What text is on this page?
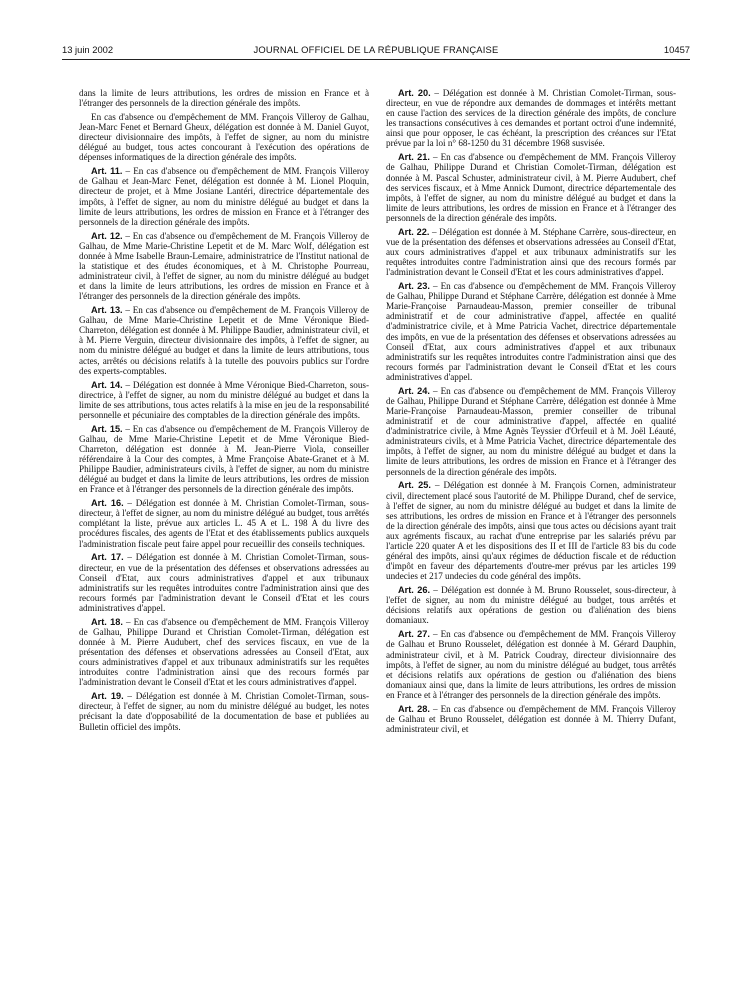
13 juin 2002	JOURNAL OFFICIEL DE LA RÉPUBLIQUE FRANÇAISE	10457

dans la limite de leurs attributions, les ordres de mission en France et à l'étranger des personnels de la direction générale des impôts.

En cas d'absence ou d'empêchement de MM. François Villeroy de Galhau, Jean-Marc Fenet et Bernard Gheux, délégation est donnée à M. Daniel Guyot, directeur divisionnaire des impôts, à l'effet de signer, au nom du ministre délégué au budget, tous actes concourant à l'exécution des opérations de dépenses informatiques de la direction générale des impôts.

Art. 11. – En cas d'absence ou d'empêchement de MM. François Villeroy de Galhau et Jean-Marc Fenet, délégation est donnée à M. Lionel Ploquin, directeur de projet, et à Mme Josiane Lantéri, directrice départementale des impôts, à l'effet de signer, au nom du ministre délégué au budget et dans la limite de leurs attributions, les ordres de mission en France et à l'étranger des personnels de la direction générale des impôts.

Art. 12. – En cas d'absence ou d'empêchement de M. François Villeroy de Galhau, de Mme Marie-Christine Lepetit et de M. Marc Wolf, délégation est donnée à Mme Isabelle Braun-Lemaire, administratrice de l'Institut national de la statistique et des études économiques, et à M. Christophe Pourreau, administrateur civil, à l'effet de signer, au nom du ministre délégué au budget et dans la limite de leurs attributions, les ordres de mission en France et à l'étranger des personnels de la direction générale des impôts.

Art. 13. – En cas d'absence ou d'empêchement de M. François Villeroy de Galhau, de Mme Marie-Christine Lepetit et de Mme Véronique Bied-Charreton, délégation est donnée à M. Philippe Baudier, administrateur civil, et à M. Pierre Verguin, directeur divisionnaire des impôts, à l'effet de signer, au nom du ministre délégué au budget et dans la limite de leurs attributions, tous actes, arrêtés ou décisions relatifs à la tutelle des pouvoirs publics sur l'ordre des experts-comptables.

Art. 14. – Délégation est donnée à Mme Véronique Bied-Charreton, sous-directrice, à l'effet de signer, au nom du ministre délégué au budget et dans la limite de ses attributions, tous actes relatifs à la mise en jeu de la responsabilité personnelle et pécuniaire des comptables de la direction générale des impôts.

Art. 15. – En cas d'absence ou d'empêchement de M. François Villeroy de Galhau, de Mme Marie-Christine Lepetit et de Mme Véronique Bied-Charreton, délégation est donnée à M. Jean-Pierre Viola, conseiller référendaire à la Cour des comptes, à Mme Françoise Abate-Granet et à M. Philippe Baudier, administrateurs civils, à l'effet de signer, au nom du ministre délégué au budget et dans la limite de leurs attributions, les ordres de mission en France et à l'étranger des personnels de la direction générale des impôts.

Art. 16. – Délégation est donnée à M. Christian Comolet-Tirman, sous-directeur, à l'effet de signer, au nom du ministre délégué au budget, tous arrêtés complétant la liste, prévue aux articles L. 45 A et L. 198 A du livre des procédures fiscales, des agents de l'Etat et des établissements publics auxquels l'administration fiscale peut faire appel pour recueillir des conseils techniques.

Art. 17. – Délégation est donnée à M. Christian Comolet-Tirman, sous-directeur, en vue de la présentation des défenses et observations adressées au Conseil d'Etat, aux cours administratives d'appel et aux tribunaux administratifs sur les requêtes introduites contre l'administration ainsi que des recours formés par l'administration devant le Conseil d'Etat et les cours administratives d'appel.

Art. 18. – En cas d'absence ou d'empêchement de MM. François Villeroy de Galhau, Philippe Durand et Christian Comolet-Tirman, délégation est donnée à M. Pierre Audubert, chef des services fiscaux, en vue de la présentation des défenses et observations adressées au Conseil d'Etat, aux cours administratives d'appel et aux tribunaux administratifs sur les requêtes introduites contre l'administration ainsi que des recours formés par l'administration devant le Conseil d'Etat et les cours administratives d'appel.

Art. 19. – Délégation est donnée à M. Christian Comolet-Tirman, sous-directeur, à l'effet de signer, au nom du ministre délégué au budget, les notes précisant la date d'opposabilité de la documentation de base et publiées au Bulletin officiel des impôts.

Art. 20. – Délégation est donnée à M. Christian Comolet-Tirman, sous-directeur, en vue de répondre aux demandes de dommages et intérêts mettant en cause l'action des services de la direction générale des impôts, de conclure les transactions consécutives à ces demandes et portant octroi d'une indemnité, ainsi que pour opposer, le cas échéant, la prescription des créances sur l'Etat prévue par la loi n° 68-1250 du 31 décembre 1968 susvisée.

Art. 21. – En cas d'absence ou d'empêchement de MM. François Villeroy de Galhau, Philippe Durand et Christian Comolet-Tirman, délégation est donnée à M. Pascal Schuster, administrateur civil, à M. Pierre Audubert, chef des services fiscaux, et à Mme Annick Dumont, directrice départementale des impôts, à l'effet de signer, au nom du ministre délégué au budget et dans la limite de leurs attributions, les ordres de mission en France et à l'étranger des personnels de la direction générale des impôts.

Art. 22. – Délégation est donnée à M. Stéphane Carrère, sous-directeur, en vue de la présentation des défenses et observations adressées au Conseil d'Etat, aux cours administratives d'appel et aux tribunaux administratifs sur les requêtes introduites contre l'administration ainsi que des recours formés par l'administration devant le Conseil d'Etat et les cours administratives d'appel.

Art. 23. – En cas d'absence ou d'empêchement de MM. François Villeroy de Galhau, Philippe Durand et Stéphane Carrère, délégation est donnée à Mme Marie-Françoise Parnaudeau-Masson, premier conseiller de tribunal administratif et de cour administrative d'appel, affectée en qualité d'administratrice civile, et à Mme Patricia Vachet, directrice départementale des impôts, en vue de la présentation des défenses et observations adressées au Conseil d'Etat, aux cours administratives d'appel et aux tribunaux administratifs sur les requêtes introduites contre l'administration ainsi que des recours formés par l'administration devant le Conseil d'Etat et les cours administratives d'appel.

Art. 24. – En cas d'absence ou d'empêchement de MM. François Villeroy de Galhau, Philippe Durand et Stéphane Carrère, délégation est donnée à Mme Marie-Françoise Parnaudeau-Masson, premier conseiller de tribunal administratif et de cour administrative d'appel, affectée en qualité d'administratrice civile, à Mme Agnès Teyssier d'Orfeuil et à M. Joël Léauté, administrateurs civils, et à Mme Patricia Vachet, directrice départementale des impôts, à l'effet de signer, au nom du ministre délégué au budget et dans la limite de leurs attributions, les ordres de mission en France et à l'étranger des personnels de la direction générale des impôts.

Art. 25. – Délégation est donnée à M. François Cornen, administrateur civil, directement placé sous l'autorité de M. Philippe Durand, chef de service, à l'effet de signer, au nom du ministre délégué au budget et dans la limite de ses attributions, les ordres de mission en France et à l'étranger des personnels de la direction générale des impôts, ainsi que tous actes ou décisions ayant trait aux agréments fiscaux, au rachat d'une entreprise par les salariés prévu par l'article 220 quater A et les dispositions des II et III de l'article 83 bis du code général des impôts, ainsi qu'aux régimes de déduction fiscale et de réduction d'impôt en faveur des départements d'outre-mer prévus par les articles 199 undecies et 217 undecies du code général des impôts.

Art. 26. – Délégation est donnée à M. Bruno Rousselet, sous-directeur, à l'effet de signer, au nom du ministre délégué au budget, tous arrêtés et décisions relatifs aux opérations de gestion ou d'aliénation des biens domaniaux.

Art. 27. – En cas d'absence ou d'empêchement de MM. François Villeroy de Galhau et Bruno Rousselet, délégation est donnée à M. Gérard Dauphin, administrateur civil, et à M. Patrick Coudray, directeur divisionnaire des impôts, à l'effet de signer, au nom du ministre délégué au budget, tous arrêtés et décisions relatifs aux opérations de gestion ou d'aliénation des biens domaniaux ainsi que, dans la limite de leurs attributions, les ordres de mission en France et à l'étranger des personnels de la direction générale des impôts.

Art. 28. – En cas d'absence ou d'empêchement de MM. François Villeroy de Galhau et Bruno Rousselet, délégation est donnée à M. Thierry Dufant, administrateur civil, et
